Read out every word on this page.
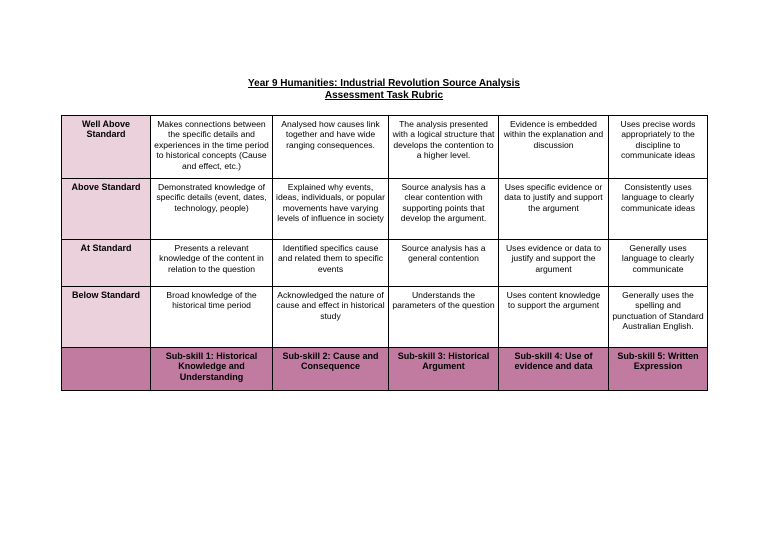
Year 9 Humanities: Industrial Revolution Source Analysis
Assessment Task Rubric
Well Above Standard	Makes connections between the specific details and experiences in the time period to historical concepts (Cause and effect, etc.)	Analysed how causes link together and have wide ranging consequences.	The analysis presented with a logical structure that develops the contention to a higher level.	Evidence is embedded within the explanation and discussion	Uses precise words appropriately to the discipline to communicate ideas
Above Standard	Demonstrated knowledge of specific details (event, dates, technology, people)	Explained why events, ideas, individuals, or popular movements have varying levels of influence in society	Source analysis has a clear contention with supporting points that develop the argument.	Uses specific evidence or data to justify and support the argument	Consistently uses language to clearly communicate ideas
At Standard	Presents a relevant knowledge of the content in relation to the question	Identified specifics cause and related them to specific events	Source analysis has a general contention	Uses evidence or data to justify and support the argument	Generally uses language to clearly communicate
Below Standard	Broad knowledge of the historical time period	Acknowledged the nature of cause and effect in historical study	Understands the parameters of the question	Uses content knowledge to support the argument	Generally uses the spelling and punctuation of Standard Australian English.
	Sub-skill 1: Historical Knowledge and Understanding	Sub-skill 2: Cause and Consequence	Sub-skill 3: Historical Argument	Sub-skill 4: Use of evidence and data	Sub-skill 5: Written Expression
